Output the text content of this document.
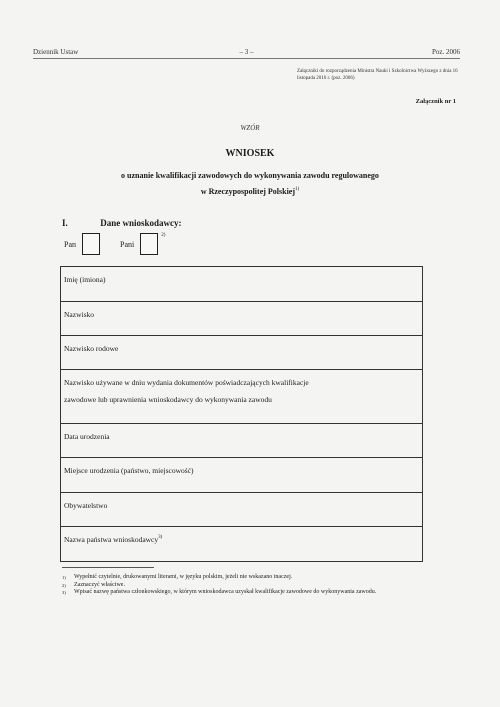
Dziennik Ustaw	– 3 –	Poz. 2006
Załączniki do rozporządzenia Ministra Nauki i Szkolnictwa Wyższego z dnia 16 listopada 2016 r. (poz. 2006)
Załącznik nr 1
WZÓR
WNIOSEK
o uznanie kwalifikacji zawodowych do wykonywania zawodu regulowanego
w Rzeczypospolitej Polskiej$^{1)}$
I.	Dane wnioskodawcy:
Pan	Pani
2)
Imię (imiona)
Nazwisko
Nazwisko rodowe
Nazwisko używane w dniu wydania dokumentów poświadczających kwalifikacje
zawodowe lub uprawnienia wnioskodawcy do wykonywania zawodu
Data urodzenia
Miejsce urodzenia (państwo, miejscowość)
Obywatelstwo
Nazwa państwa wnioskodawcy$^{3)}$
1)	Wypełnić czytelnie, drukowanymi literami, w języku polskim, jeżeli nie wskazano inaczej.
2)	Zaznaczyć właściwe.
3)	Wpisać nazwę państwa członkowskiego, w którym wnioskodawca uzyskał kwalifikacje zawodowe do wykonywania zawodu.
